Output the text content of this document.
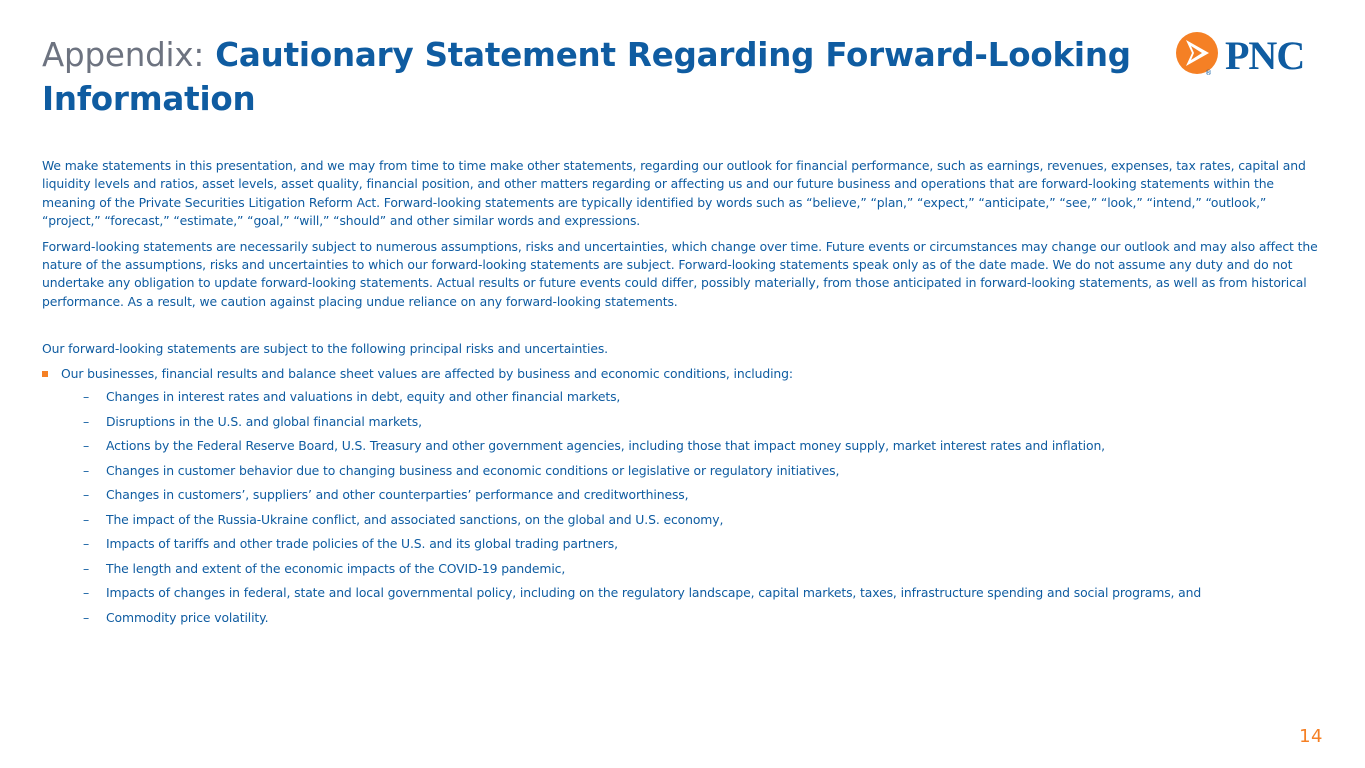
Appendix: Cautionary Statement Regarding Forward-Looking Information
® PNC

We make statements in this presentation, and we may from time to time make other statements, regarding our outlook for financial performance, such as earnings, revenues, expenses, tax rates, capital and liquidity levels and ratios, asset levels, asset quality, financial position, and other matters regarding or affecting us and our future business and operations that are forward-looking statements within the meaning of the Private Securities Litigation Reform Act. Forward-looking statements are typically identified by words such as “believe,” “plan,” “expect,” “anticipate,” “see,” “look,” “intend,” “outlook,” “project,” “forecast,” “estimate,” “goal,” “will,” “should” and other similar words and expressions.

Forward-looking statements are necessarily subject to numerous assumptions, risks and uncertainties, which change over time. Future events or circumstances may change our outlook and may also affect the nature of the assumptions, risks and uncertainties to which our forward-looking statements are subject. Forward-looking statements speak only as of the date made. We do not assume any duty and do not undertake any obligation to update forward-looking statements. Actual results or future events could differ, possibly materially, from those anticipated in forward-looking statements, as well as from historical performance. As a result, we caution against placing undue reliance on any forward-looking statements.

Our forward-looking statements are subject to the following principal risks and uncertainties.

Our businesses, financial results and balance sheet values are affected by business and economic conditions, including:
– Changes in interest rates and valuations in debt, equity and other financial markets,
– Disruptions in the U.S. and global financial markets,
– Actions by the Federal Reserve Board, U.S. Treasury and other government agencies, including those that impact money supply, market interest rates and inflation,
– Changes in customer behavior due to changing business and economic conditions or legislative or regulatory initiatives,
– Changes in customers’, suppliers’ and other counterparties’ performance and creditworthiness,
– The impact of the Russia-Ukraine conflict, and associated sanctions, on the global and U.S. economy,
– Impacts of tariffs and other trade policies of the U.S. and its global trading partners,
– The length and extent of the economic impacts of the COVID-19 pandemic,
– Impacts of changes in federal, state and local governmental policy, including on the regulatory landscape, capital markets, taxes, infrastructure spending and social programs, and
– Commodity price volatility.
14
